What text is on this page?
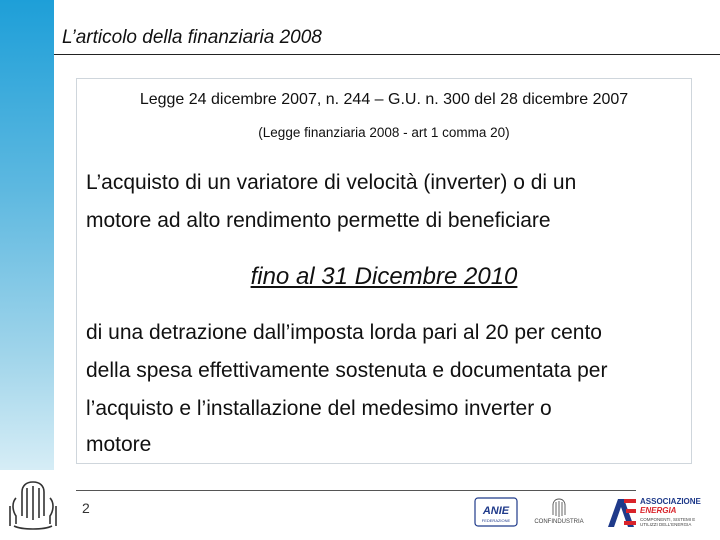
L’articolo della finanziaria 2008
Legge 24 dicembre 2007, n. 244 – G.U. n. 300 del 28 dicembre 2007
(Legge finanziaria 2008 - art 1 comma 20)
L’acquisto di un variatore di velocità (inverter) o di un
motore ad alto rendimento permette di beneficiare
fino al 31 Dicembre 2010
di una detrazione dall’imposta lorda pari al 20 per cento
della spesa effettivamente sostenuta e documentata per
l’acquisto e l’installazione del medesimo inverter o
motore
2	ANIE
FEDERAZIONE	CONFINDUSTRIA
ASSOCIAZIONE
ENERGIA
COMPONENTI, SISTEMI E UTILIZZI DELL'ENERGIA
